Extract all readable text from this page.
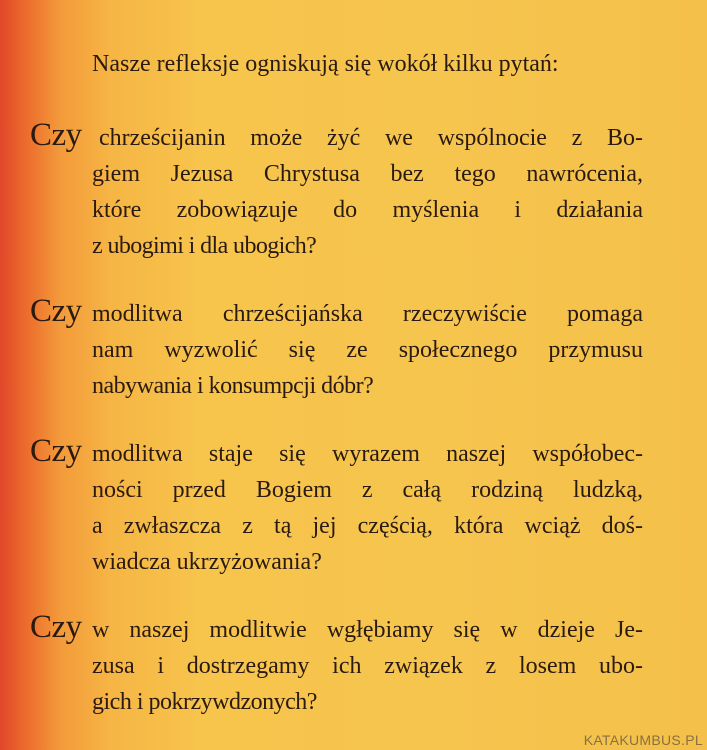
Nasze refleksje ogniskują się wokół kilku pytań:
Czy chrześcijanin może żyć we wspólnocie z Bo-
giem Jezusa Chrystusa bez tego nawrócenia,
które zobowiązuje do myślenia i działania
z ubogimi i dla ubogich?
Czy modlitwa chrześcijańska rzeczywiście pomaga
nam wyzwolić się ze społecznego przymusu
nabywania i konsumpcji dóbr?
Czy modlitwa staje się wyrazem naszej współobec-
ności przed Bogiem z całą rodziną ludzką,
a zwłaszcza z tą jej częścią, która wciąż doś-
wiadcza ukrzyżowania?
Czy w naszej modlitwie wgłębiamy się w dzieje Je-
zusa i dostrzegamy ich związek z losem ubo-
gich i pokrzywdzonych?
KATAKUMBUS.PL
